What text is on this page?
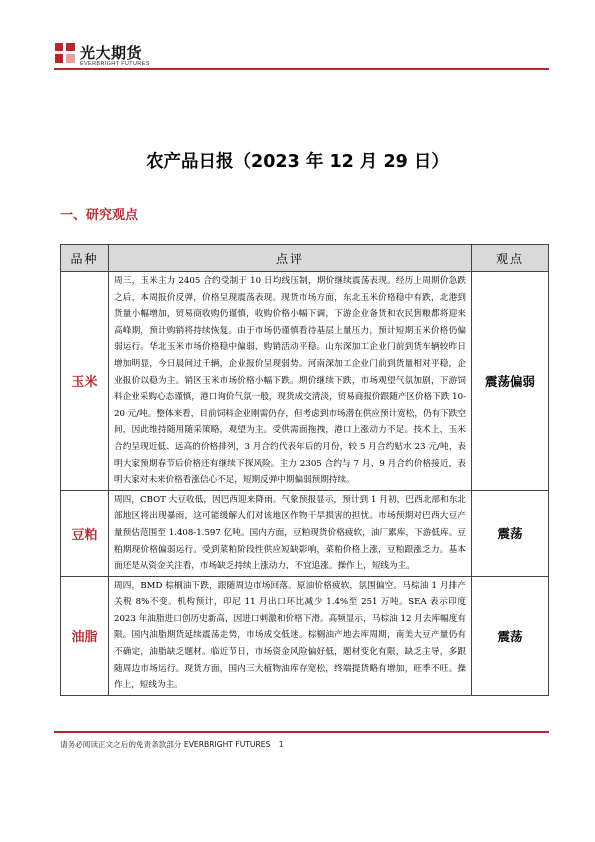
光大期货
EVERBRIGHT FUTURES
农产品日报（2023 年 12 月 29 日）
一、研究观点
品种	点评	观点
玉米	周三，玉米主力 2405 合约受制于 10 日均线压制，期价继续震荡表现。经历上周期价急跌之后，本周报价反弹，价格呈现震荡表现。现货市场方面，东北玉米价格稳中有跌，北港到货量小幅增加，贸易商收购仍谨慎，收购价格小幅下调，下游企业备货和农民售粮都将迎来高峰期，预计购销将持续恢复。由于市场仍谨慎看待基层上量压力，预计短期玉米价格仍偏弱运行。华北玉米市场价格稳中偏弱，购销活动平稳。山东深加工企业门前到货车辆较昨日增加明显，今日晨间过千辆，企业报价呈现弱势。河南深加工企业门前到货量相对平稳，企业报价以稳为主。销区玉米市场价格小幅下跌。期价继续下跌，市场观望气氛加剧，下游饲料企业采购心态谨慎，港口询价气氛一般，现货成交清淡，贸易商报价跟随产区价格下跌 10-20 元/吨。整体来看，目前饲料企业刚需仍存，但考虑到市场潜在供应预计宽松，仍有下跌空间，因此维持随用随采策略，观望为主。受供需面拖拽，港口上涨动力不足。技术上，玉米合约呈现近低、远高的价格排列，3 月合约代表年后的月份，较 5 月合约贴水 23 元/吨，表明大家预期春节后价格还有继续下探风险。主力 2305 合约与 7 月、9 月合约价格接近，表明大家对未来价格看涨信心不足，短期反弹中期偏弱预期持续。	震荡偏弱
豆粕	周四，CBOT 大豆收低，因巴西迎来降雨。气象预报显示，预计到 1 月初，巴西北部和东北部地区将出现暴雨，这可能缓解人们对该地区作物干旱损害的担忧。市场预期对巴西大豆产量预估范围至 1.408-1.597 亿吨。国内方面，豆粕现货价格疲软，油厂累库，下游低库。豆粕期现价格偏弱运行。受到菜粕阶段性供应短缺影响，菜粕价格上涨，豆粕跟涨乏力。基本面还是从资金关注看，市场缺乏持续上涨动力，不宜追涨。操作上，短线为主。	震荡
油脂	周四，BMD 棕榈油下跌，跟随周边市场回落。原油价格疲软，氛围偏空。马棕油 1 月排产关税 8%不变。机构预计，印尼 11 月出口环比减少 1.4%至 251 万吨。SEA 表示印度 2023 年油脂进口创历史新高，因进口刺激和价格下滑。高频显示，马棕油 12 月去库幅度有限。国内油脂期货延续震荡走势，市场成交低迷。棕榈油产地去库周期，南美大豆产量仍有不确定，油脂缺乏题材。临近节日，市场资金风险偏好低，题材变化有限，缺乏主导，多跟随周边市场运行。现货方面，国内三大植物油库存宽松，终端提货略有增加，旺季不旺。操作上，短线为主。	震荡
请务必阅读正文之后的免责条款部分 EVERBRIGHT FUTURES 1
